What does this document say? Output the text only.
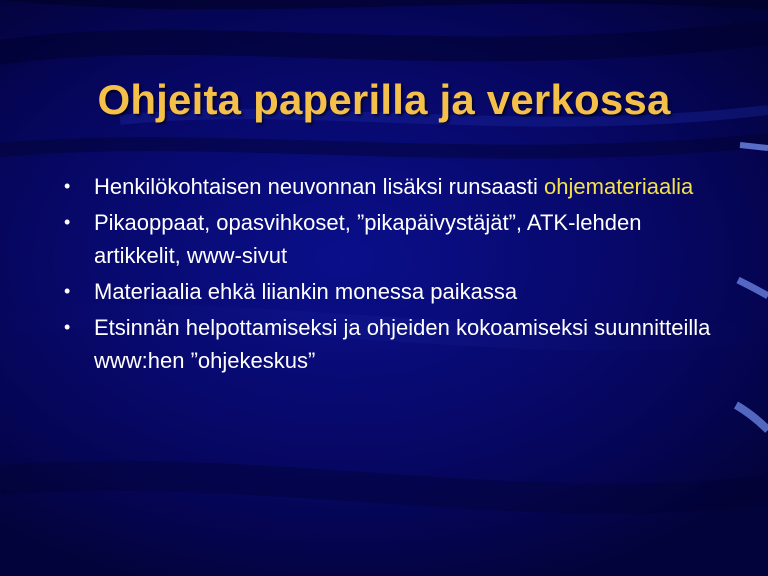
Ohjeita paperilla ja verkossa
• Henkilökohtaisen neuvonnan lisäksi runsaasti ohjemateriaalia
• Pikaoppaat, opasvihkoset, ”pikapäivystäjät”, ATK-lehden artikkelit, www-sivut
• Materiaalia ehkä liiankin monessa paikassa
• Etsinnän helpottamiseksi ja ohjeiden kokoamiseksi suunnitteilla www:hen ”ohjekeskus”
